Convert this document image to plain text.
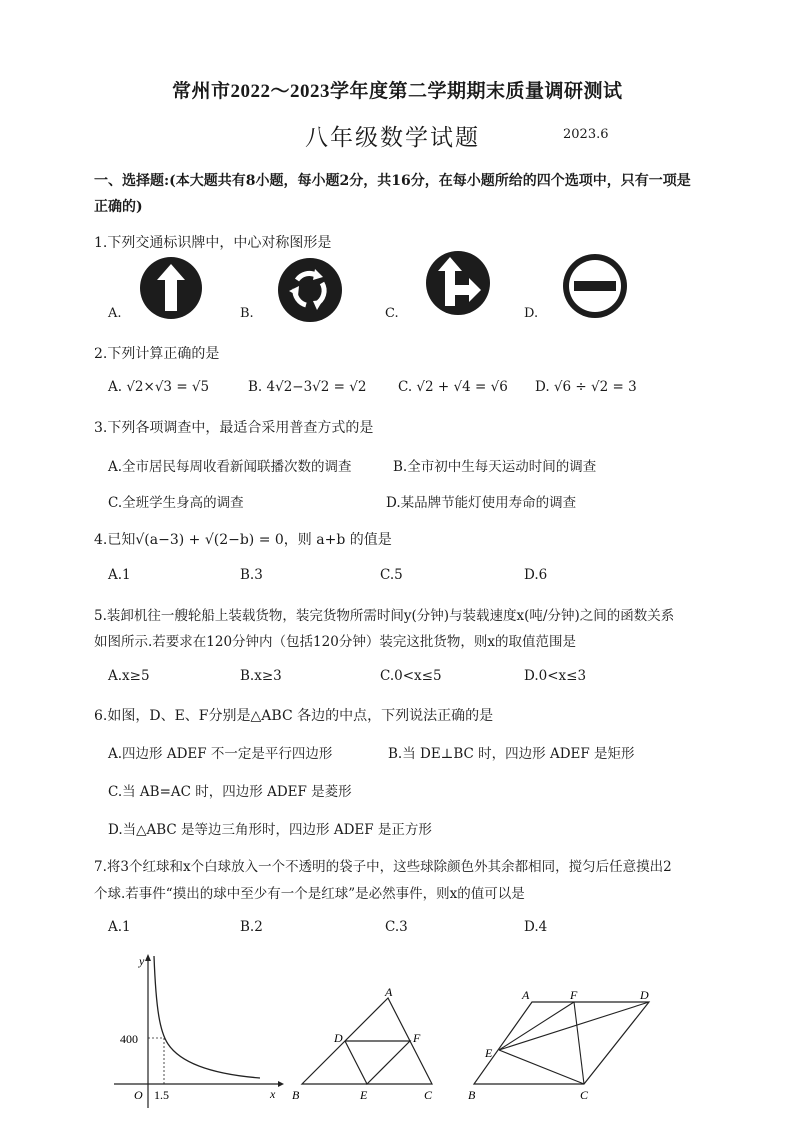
常州市2022～2023学年度第二学期期末质量调研测试
八年级数学试题	2023.6
一、选择题:(本大题共有8小题，每小题2分，共16分，在每小题所给的四个选项中，只有一项是
正确的)
1.下列交通标识牌中，中心对称图形是
A.	B.	C.	D.
2.下列计算正确的是
A. √2×√3 = √5	B. 4√2−3√2 = √2 C. √2 + √4 = √6 D. √6 ÷ √2 = 3
3.下列各项调查中，最适合采用普查方式的是
A.全市居民每周收看新闻联播次数的调查	B.全市初中生每天运动时间的调查
C.全班学生身高的调查	D.某品牌节能灯使用寿命的调查
4.已知√(a−3) + √(2−b) = 0，则 a+b 的值是
A.1	B.3	C.5	D.6
5.装卸机往一艘轮船上装载货物，装完货物所需时间y(分钟)与装载速度x(吨/分钟)之间的函数关系
如图所示.若要求在120分钟内（包括120分钟）装完这批货物，则x的取值范围是
A.x≥5	B.x≥3	C.0<x≤5	D.0<x≤3
6.如图，D、E、F分别是△ABC 各边的中点，下列说法正确的是
A.四边形 ADEF 不一定是平行四边形	B.当 DE⊥BC 时，四边形 ADEF 是矩形
C.当 AB=AC 时，四边形 ADEF 是菱形
D.当△ABC 是等边三角形时，四边形 ADEF 是正方形
7.将3个红球和x个白球放入一个不透明的袋子中，这些球除颜色外其余都相同，搅匀后任意摸出2
个球.若事件“摸出的球中至少有一个是红球”是必然事件，则x的值可以是
A.1	B.2	C.3	D.4
y
x
O
400
1.5
A
B	C
D
E
F
A	F	D
E
B	C
